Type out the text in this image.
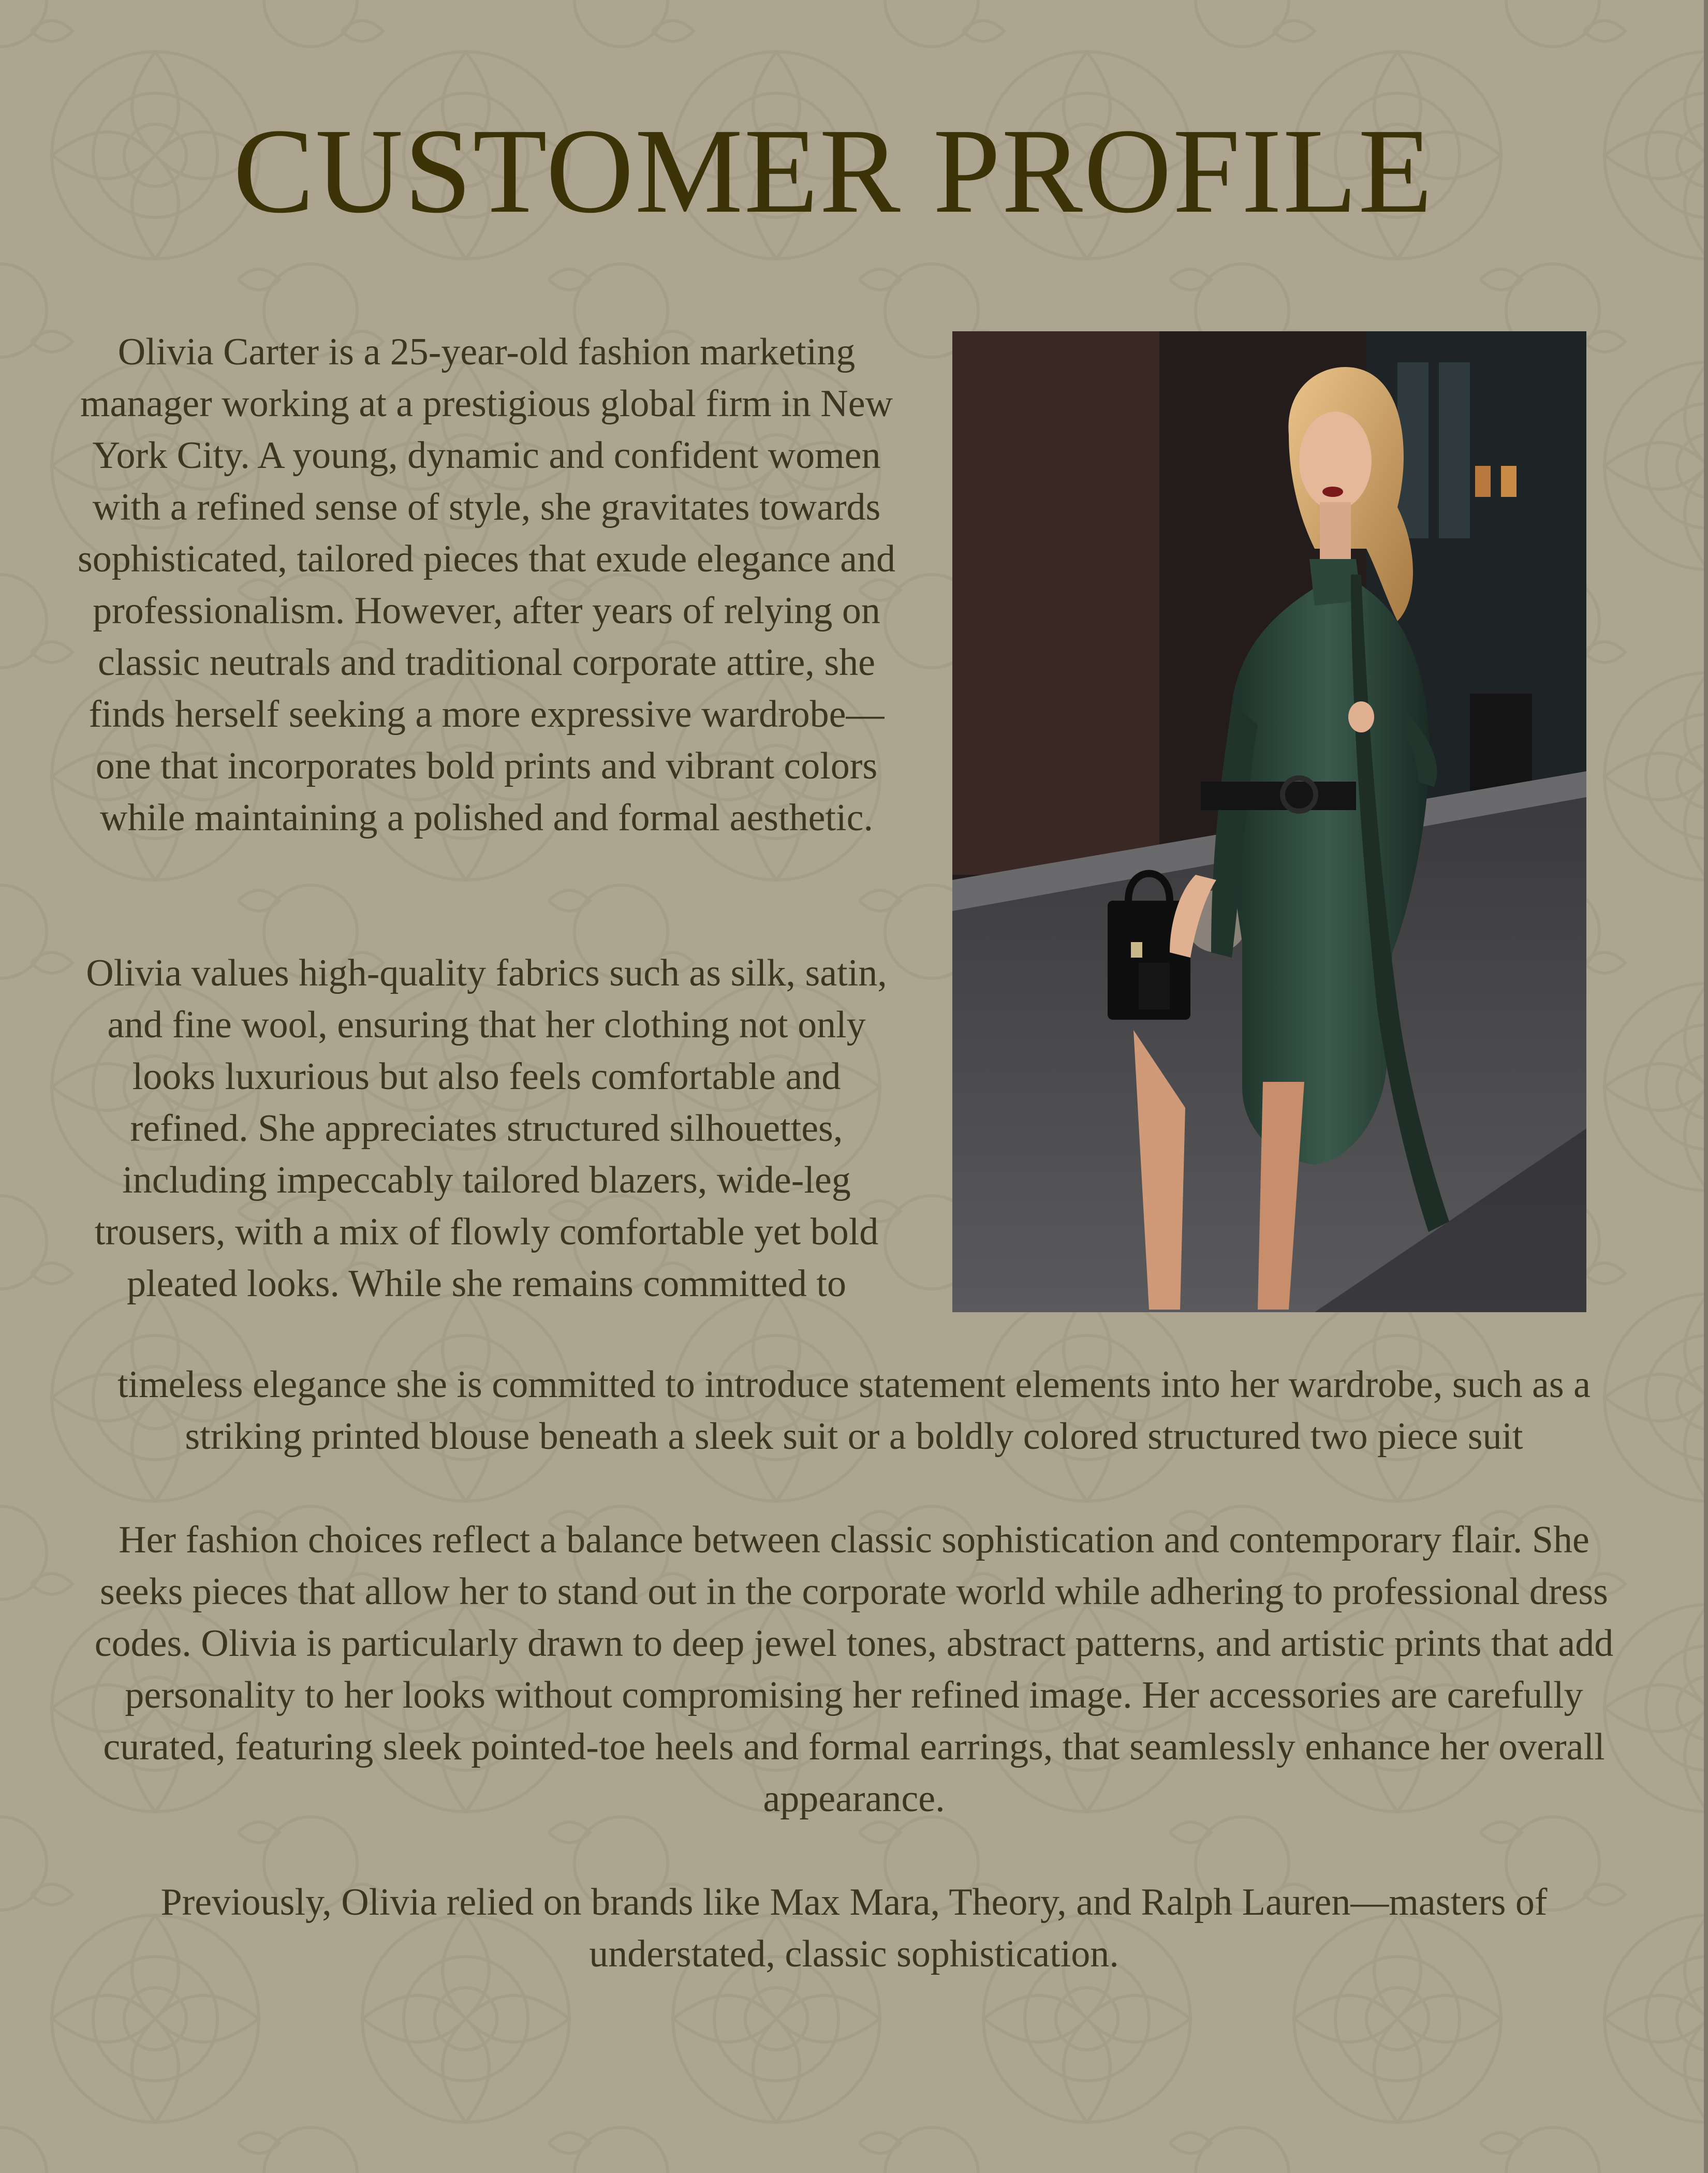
CUSTOMER PROFILE

Olivia Carter is a 25-year-old fashion marketing manager working at a prestigious global firm in New York City. A young, dynamic and confident women with a refined sense of style, she gravitates towards sophisticated, tailored pieces that exude elegance and professionalism. However, after years of relying on classic neutrals and traditional corporate attire, she finds herself seeking a more expressive wardrobe—one that incorporates bold prints and vibrant colors while maintaining a polished and formal aesthetic.

Olivia values high-quality fabrics such as silk, satin, and fine wool, ensuring that her clothing not only looks luxurious but also feels comfortable and refined. She appreciates structured silhouettes, including impeccably tailored blazers, wide-leg trousers, with a mix of flowly comfortable yet bold pleated looks. While she remains committed to

timeless elegance she is committed to introduce statement elements into her wardrobe, such as a striking printed blouse beneath a sleek suit or a boldly colored structured two piece suit

Her fashion choices reflect a balance between classic sophistication and contemporary flair. She seeks pieces that allow her to stand out in the corporate world while adhering to professional dress codes. Olivia is particularly drawn to deep jewel tones, abstract patterns, and artistic prints that add personality to her looks without compromising her refined image. Her accessories are carefully curated, featuring sleek pointed-toe heels and formal earrings, that seamlessly enhance her overall appearance.

Previously, Olivia relied on brands like Max Mara, Theory, and Ralph Lauren—masters of understated, classic sophistication.
